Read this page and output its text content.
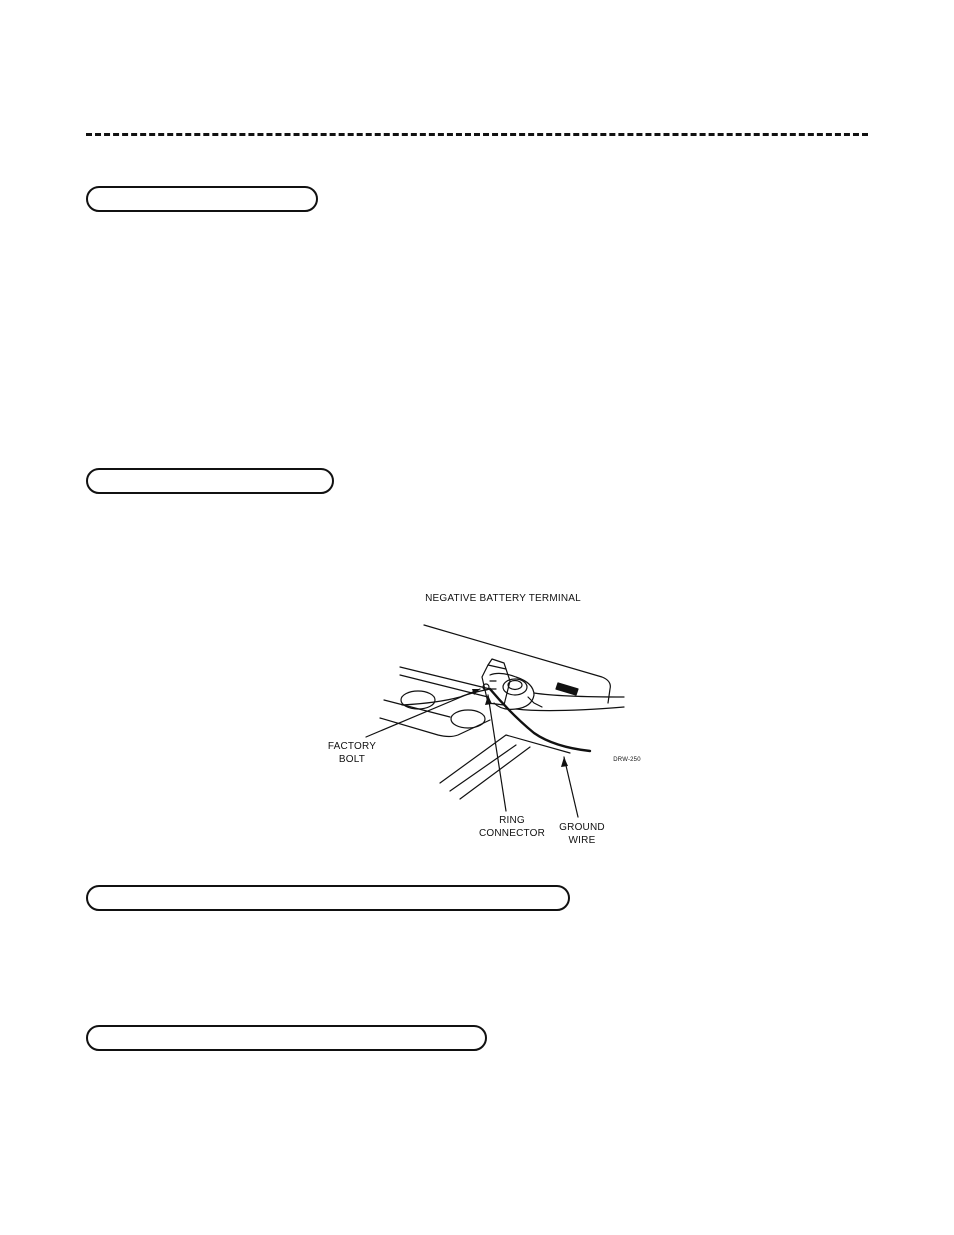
NEGATIVE BATTERY TERMINAL
FACTORY
BOLT
RING
CONNECTOR
GROUND
WIRE
DRW-250
